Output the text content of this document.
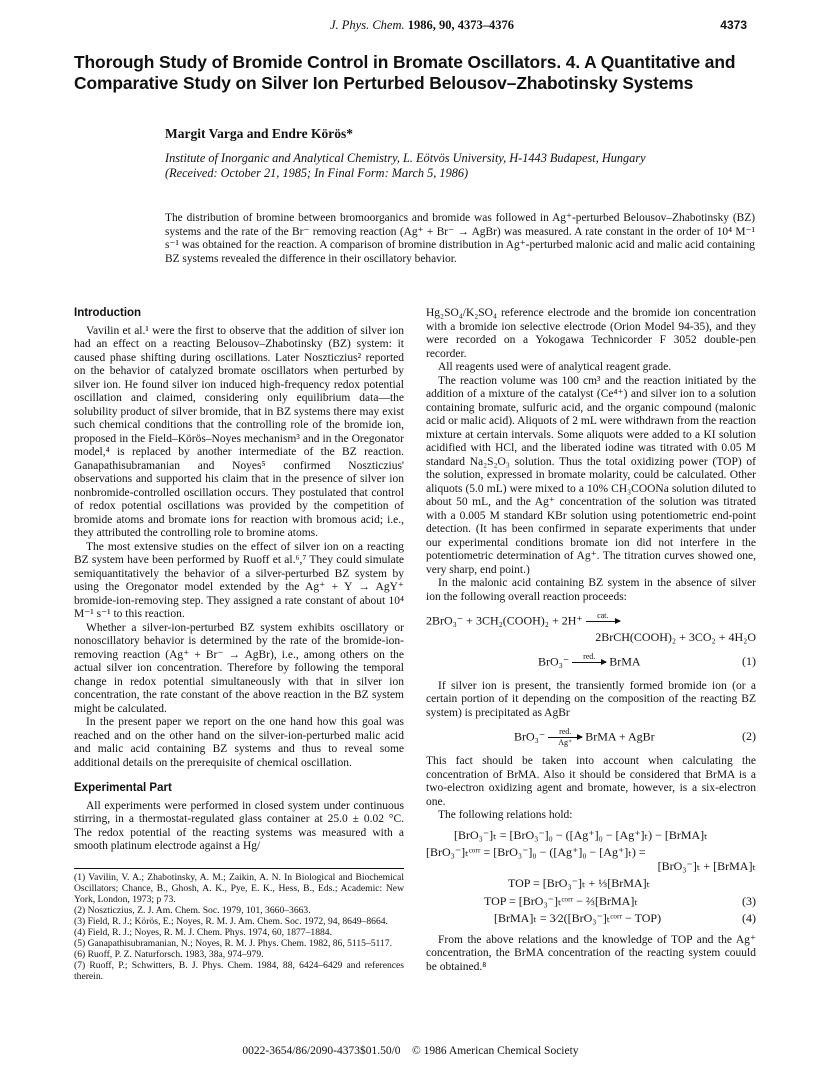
J. Phys. Chem. 1986, 90, 4373–4376	4373
Thorough Study of Bromide Control in Bromate Oscillators. 4. A Quantitative and Comparative Study on Silver Ion Perturbed Belousov–Zhabotinsky Systems
Margit Varga and Endre Körös*
Institute of Inorganic and Analytical Chemistry, L. Eötvös University, H-1443 Budapest, Hungary
(Received: October 21, 1985; In Final Form: March 5, 1986)
The distribution of bromine between bromoorganics and bromide was followed in Ag⁺-perturbed Belousov–Zhabotinsky (BZ) systems and the rate of the Br⁻ removing reaction (Ag⁺ + Br⁻ → AgBr) was measured. A rate constant in the order of 10⁴ M⁻¹ s⁻¹ was obtained for the reaction. A comparison of bromine distribution in Ag⁺-perturbed malonic acid and malic acid containing BZ systems revealed the difference in their oscillatory behavior.
Introduction

Vavilin et al.¹ were the first to observe that the addition of silver ion had an effect on a reacting Belousov–Zhabotinsky (BZ) system: it caused phase shifting during oscillations. Later Noszticzius² reported on the behavior of catalyzed bromate oscillators when perturbed by silver ion. He found silver ion induced high-frequency redox potential oscillation and claimed, considering only equilibrium data—the solubility product of silver bromide, that in BZ systems there may exist such chemical conditions that the controlling role of the bromide ion, proposed in the Field–Körös–Noyes mechanism³ and in the Oregonator model,⁴ is replaced by another intermediate of the BZ reaction. Ganapathisubramanian and Noyes⁵ confirmed Noszticzius' observations and supported his claim that in the presence of silver ion nonbromide-controlled oscillation occurs. They postulated that control of redox potential oscillations was provided by the competition of bromide atoms and bromate ions for reaction with bromous acid; i.e., they attributed the controlling role to bromine atoms.

The most extensive studies on the effect of silver ion on a reacting BZ system have been performed by Ruoff et al.⁶,⁷ They could simulate semiquantitatively the behavior of a silver-perturbed BZ system by using the Oregonator model extended by the Ag⁺ + Y → AgY⁺ bromide-ion-removing step. They assigned a rate constant of about 10⁴ M⁻¹ s⁻¹ to this reaction.

Whether a silver-ion-perturbed BZ system exhibits oscillatory or nonoscillatory behavior is determined by the rate of the bromide-ion-removing reaction (Ag⁺ + Br⁻ → AgBr), i.e., among others on the actual silver ion concentration. Therefore by following the temporal change in redox potential simultaneously with that in silver ion concentration, the rate constant of the above reaction in the BZ system might be calculated.

In the present paper we report on the one hand how this goal was reached and on the other hand on the silver-ion-perturbed malic acid and malic acid containing BZ systems and thus to reveal some additional details on the prerequisite of chemical oscillation.

Experimental Part

All experiments were performed in closed system under continuous stirring, in a thermostat-regulated glass container at 25.0 ± 0.02 °C. The redox potential of the reacting systems was measured with a smooth platinum electrode against a Hg/

Hg₂SO₄/K₂SO₄ reference electrode and the bromide ion concentration with a bromide ion selective electrode (Orion Model 94-35), and they were recorded on a Yokogawa Technicorder F 3052 double-pen recorder.

All reagents used were of analytical reagent grade.

The reaction volume was 100 cm³ and the reaction initiated by the addition of a mixture of the catalyst (Ce⁴⁺) and silver ion to a solution containing bromate, sulfuric acid, and the organic compound (malonic acid or malic acid). Aliquots of 2 mL were withdrawn from the reaction mixture at certain intervals. Some aliquots were added to a KI solution acidified with HCl, and the liberated iodine was titrated with 0.05 M standard Na₂S₂O₃ solution. Thus the total oxidizing power (TOP) of the solution, expressed in bromate molarity, could be calculated. Other aliquots (5.0 mL) were mixed to a 10% CH₃COONa solution diluted to about 50 mL, and the Ag⁺ concentration of the solution was titrated with a 0.005 M standard KBr solution using potentiometric end-point detection. (It has been confirmed in separate experiments that under our experimental conditions bromate ion did not interfere in the potentiometric determination of Ag⁺. The titration curves showed one, very sharp, end point.)

In the malonic acid containing BZ system in the absence of silver ion the following overall reaction proceeds:

2BrO₃⁻ + 3CH₂(COOH)₂ + 2H⁺	cat.

2BrCH(COOH)₂ + 3CO₂ + 4H₂O
BrO₃⁻	red.
	BrMA	(1)

If silver ion is present, the transiently formed bromide ion (or a certain portion of it depending on the composition of the reacting BZ system) is precipitated as AgBr

BrO₃⁻	red.
Ag⁺	BrMA + AgBr	(2)

This fact should be taken into account when calculating the concentration of BrMA. Also it should be considered that BrMA is a two-electron oxidizing agent and bromate, however, is a six-electron one.

The following relations hold:

[BrO₃⁻]ₜ = [BrO₃⁻]₀ − ([Ag⁺]₀ − [Ag⁺]ₜ) − [BrMA]ₜ
[BrO₃⁻]ₜᶜᵒʳʳ = [BrO₃⁻]₀ − ([Ag⁺]₀ − [Ag⁺]ₜ) =
[BrO₃⁻]ₜ + [BrMA]ₜ
TOP = [BrO₃⁻]ₜ + ⅓[BrMA]ₜ
TOP = [BrO₃⁻]ₜᶜᵒʳʳ − ⅔[BrMA]ₜ	(3)
[BrMA]ₜ = 3⁄2([BrO₃⁻]ₜᶜᵒʳʳ − TOP)	(4)

From the above relations and the knowledge of TOP and the Ag⁺ concentration, the BrMA concentration of the reacting system couuld be obtained.⁸

(1) Vavilin, V. A.; Zhabotinsky, A. M.; Zaikin, A. N. In Biological and Biochemical Oscillators; Chance, B., Ghosh, A. K., Pye, E. K., Hess, B., Eds.; Academic: New York, London, 1973; p 73.
(2) Noszticzius, Z. J. Am. Chem. Soc. 1979, 101, 3660–3663.
(3) Field, R. J.; Körös, E.; Noyes, R. M. J. Am. Chem. Soc. 1972, 94, 8649–8664.
(4) Field, R. J.; Noyes, R. M. J. Chem. Phys. 1974, 60, 1877–1884.
(5) Ganapathisubramanian, N.; Noyes, R. M. J. Phys. Chem. 1982, 86, 5115–5117.
(6) Ruoff, P. Z. Naturforsch. 1983, 38a, 974–979.
(7) Ruoff, P.; Schwitters, B. J. Phys. Chem. 1984, 88, 6424–6429 and references therein.
0022-3654/86/2090-4373$01.50/0 © 1986 American Chemical Society
